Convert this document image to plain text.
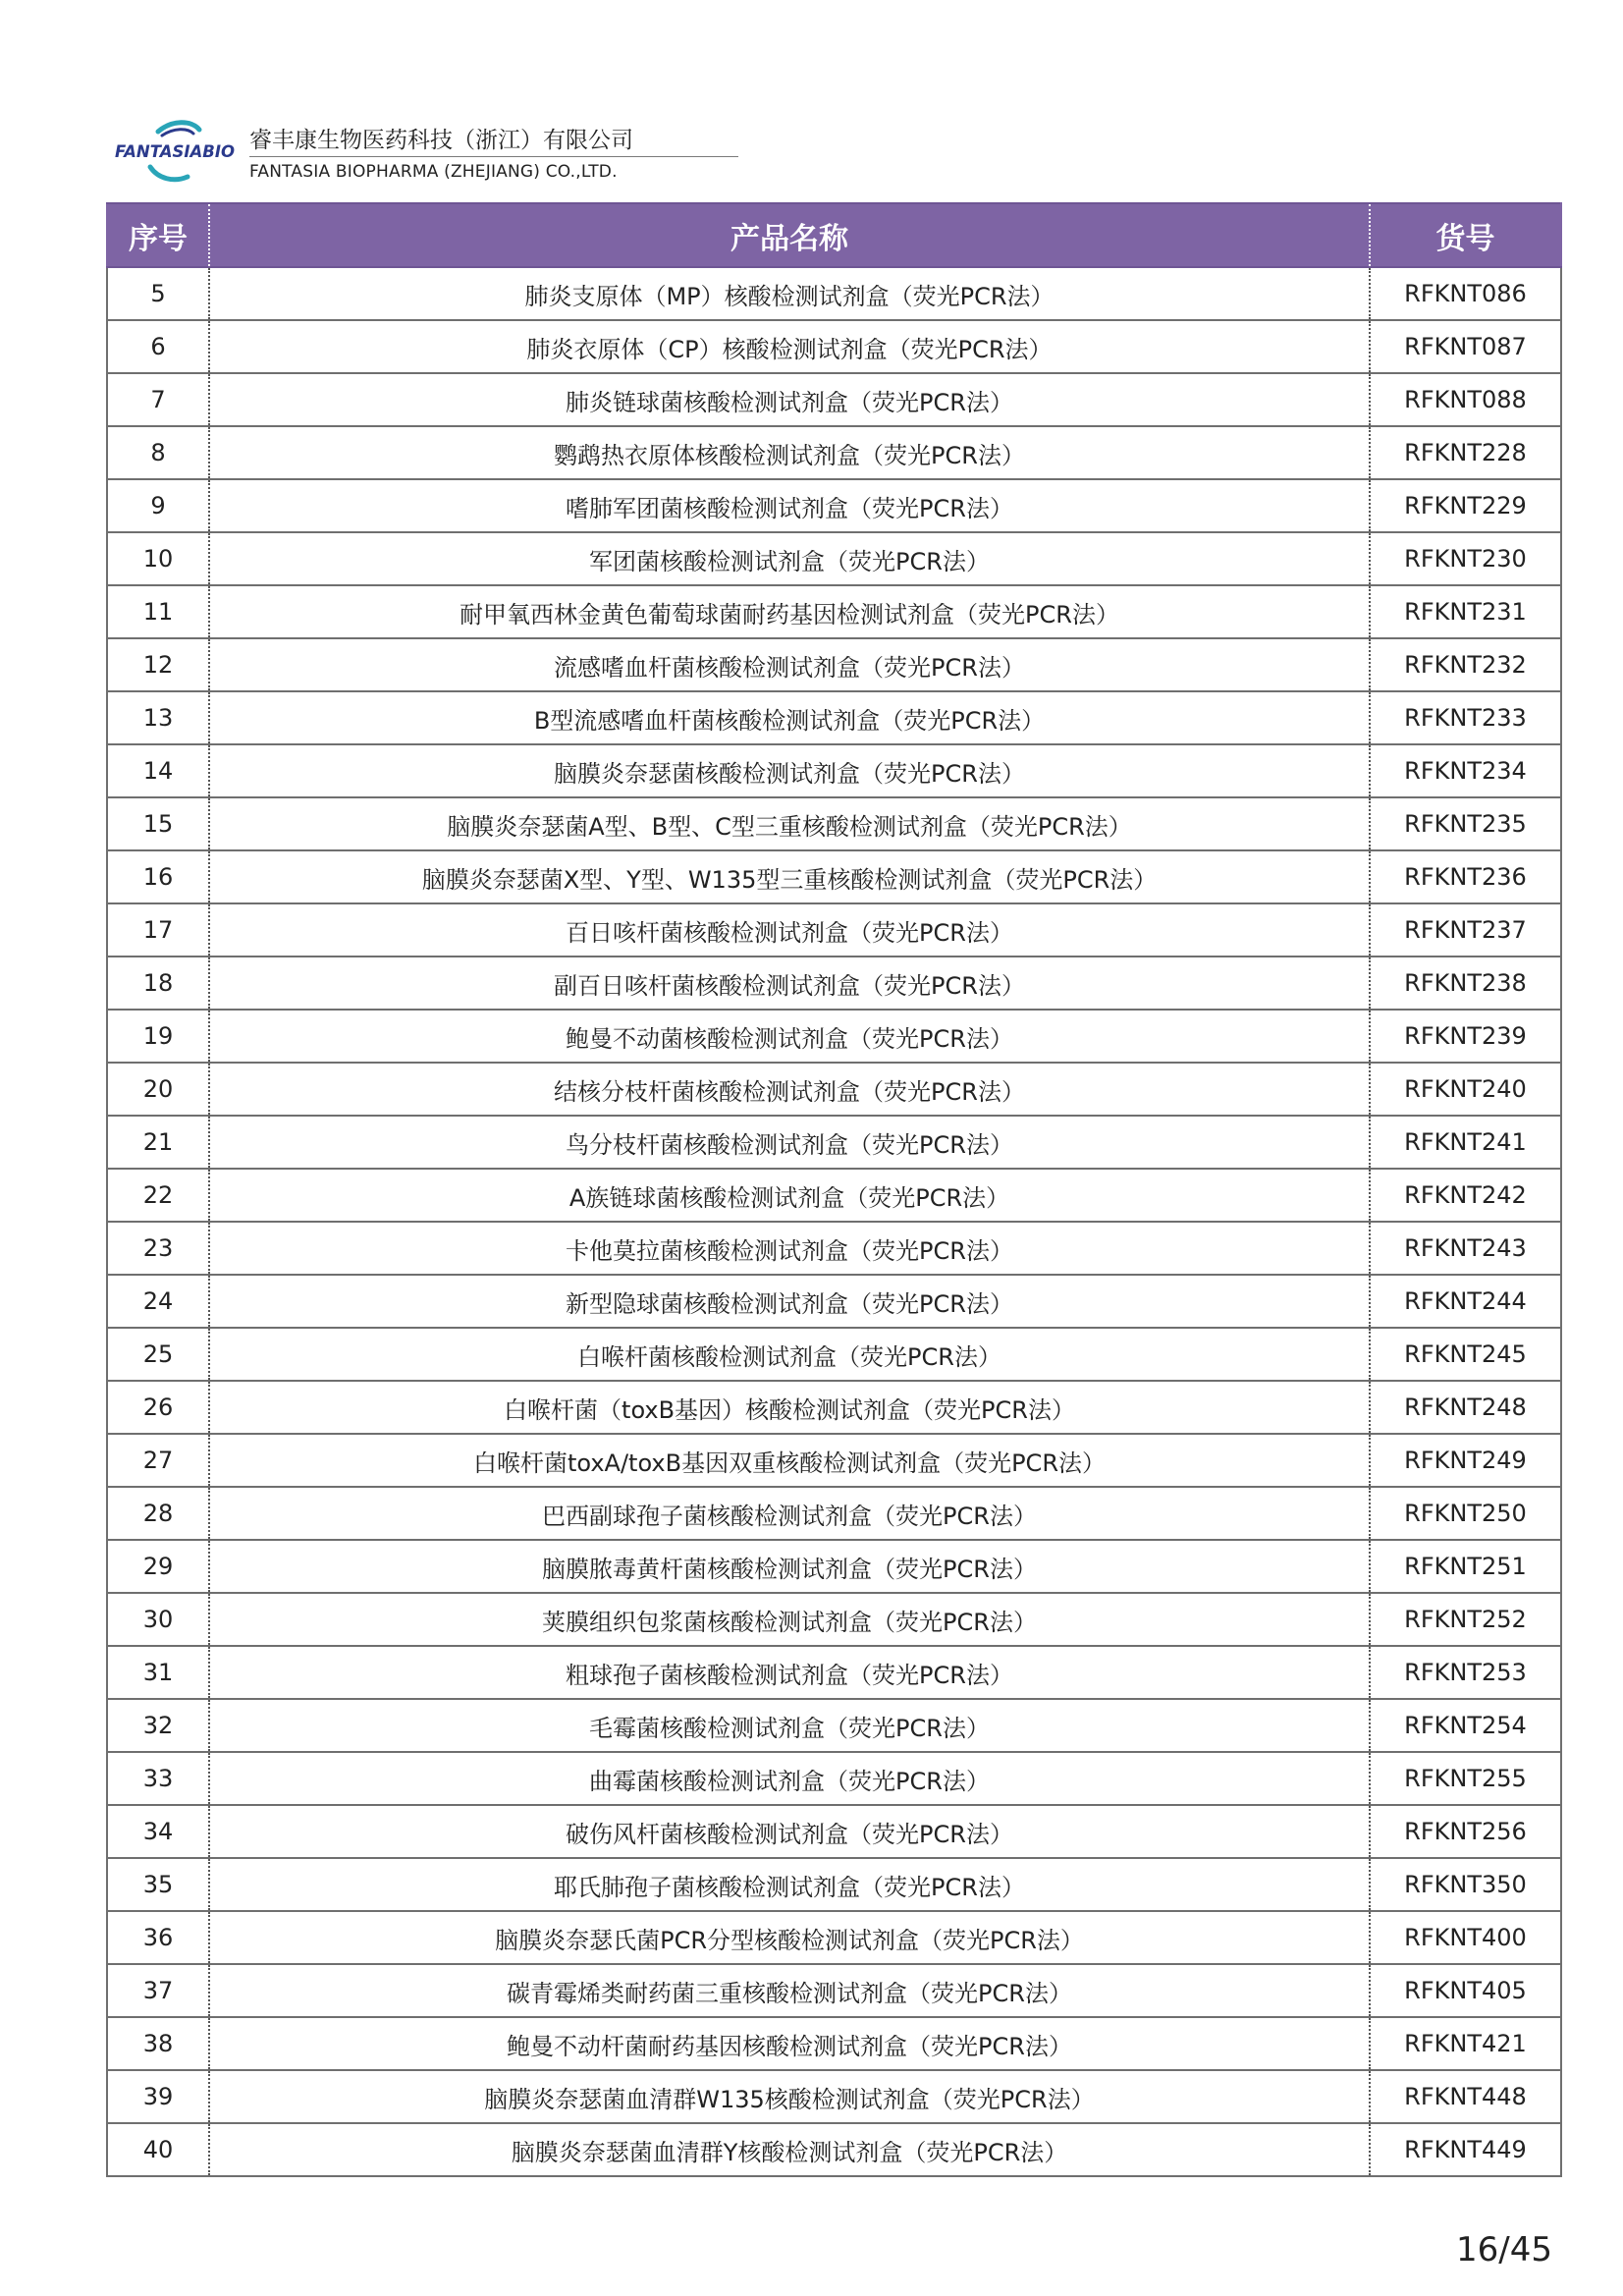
FANTASIABIO 睿丰康生物医药科技（浙江）有限公司
FANTASIA BIOPHARMA (ZHEJIANG) CO.,LTD.
序号	产品名称	货号
5	肺炎支原体（MP）核酸检测试剂盒（荧光PCR法）	RFKNT086
6	肺炎衣原体（CP）核酸检测试剂盒（荧光PCR法）	RFKNT087
7	肺炎链球菌核酸检测试剂盒（荧光PCR法）	RFKNT088
8	鹦鹉热衣原体核酸检测试剂盒（荧光PCR法）	RFKNT228
9	嗜肺军团菌核酸检测试剂盒（荧光PCR法）	RFKNT229
10	军团菌核酸检测试剂盒（荧光PCR法）	RFKNT230
11	耐甲氧西林金黄色葡萄球菌耐药基因检测试剂盒（荧光PCR法）	RFKNT231
12	流感嗜血杆菌核酸检测试剂盒（荧光PCR法）	RFKNT232
13	B型流感嗜血杆菌核酸检测试剂盒（荧光PCR法）	RFKNT233
14	脑膜炎奈瑟菌核酸检测试剂盒（荧光PCR法）	RFKNT234
15	脑膜炎奈瑟菌A型、B型、C型三重核酸检测试剂盒（荧光PCR法）	RFKNT235
16	脑膜炎奈瑟菌X型、Y型、W135型三重核酸检测试剂盒（荧光PCR法）	RFKNT236
17	百日咳杆菌核酸检测试剂盒（荧光PCR法）	RFKNT237
18	副百日咳杆菌核酸检测试剂盒（荧光PCR法）	RFKNT238
19	鲍曼不动菌核酸检测试剂盒（荧光PCR法）	RFKNT239
20	结核分枝杆菌核酸检测试剂盒（荧光PCR法）	RFKNT240
21	鸟分枝杆菌核酸检测试剂盒（荧光PCR法）	RFKNT241
22	A族链球菌核酸检测试剂盒（荧光PCR法）	RFKNT242
23	卡他莫拉菌核酸检测试剂盒（荧光PCR法）	RFKNT243
24	新型隐球菌核酸检测试剂盒（荧光PCR法）	RFKNT244
25	白喉杆菌核酸检测试剂盒（荧光PCR法）	RFKNT245
26	白喉杆菌（toxB基因）核酸检测试剂盒（荧光PCR法）	RFKNT248
27	白喉杆菌toxA/toxB基因双重核酸检测试剂盒（荧光PCR法）	RFKNT249
28	巴西副球孢子菌核酸检测试剂盒（荧光PCR法）	RFKNT250
29	脑膜脓毒黄杆菌核酸检测试剂盒（荧光PCR法）	RFKNT251
30	荚膜组织包浆菌核酸检测试剂盒（荧光PCR法）	RFKNT252
31	粗球孢子菌核酸检测试剂盒（荧光PCR法）	RFKNT253
32	毛霉菌核酸检测试剂盒（荧光PCR法）	RFKNT254
33	曲霉菌核酸检测试剂盒（荧光PCR法）	RFKNT255
34	破伤风杆菌核酸检测试剂盒（荧光PCR法）	RFKNT256
35	耶氏肺孢子菌核酸检测试剂盒（荧光PCR法）	RFKNT350
36	脑膜炎奈瑟氏菌PCR分型核酸检测试剂盒（荧光PCR法）	RFKNT400
37	碳青霉烯类耐药菌三重核酸检测试剂盒（荧光PCR法）	RFKNT405
38	鲍曼不动杆菌耐药基因核酸检测试剂盒（荧光PCR法）	RFKNT421
39	脑膜炎奈瑟菌血清群W135核酸检测试剂盒（荧光PCR法）	RFKNT448
40	脑膜炎奈瑟菌血清群Y核酸检测试剂盒（荧光PCR法）	RFKNT449
16/45
